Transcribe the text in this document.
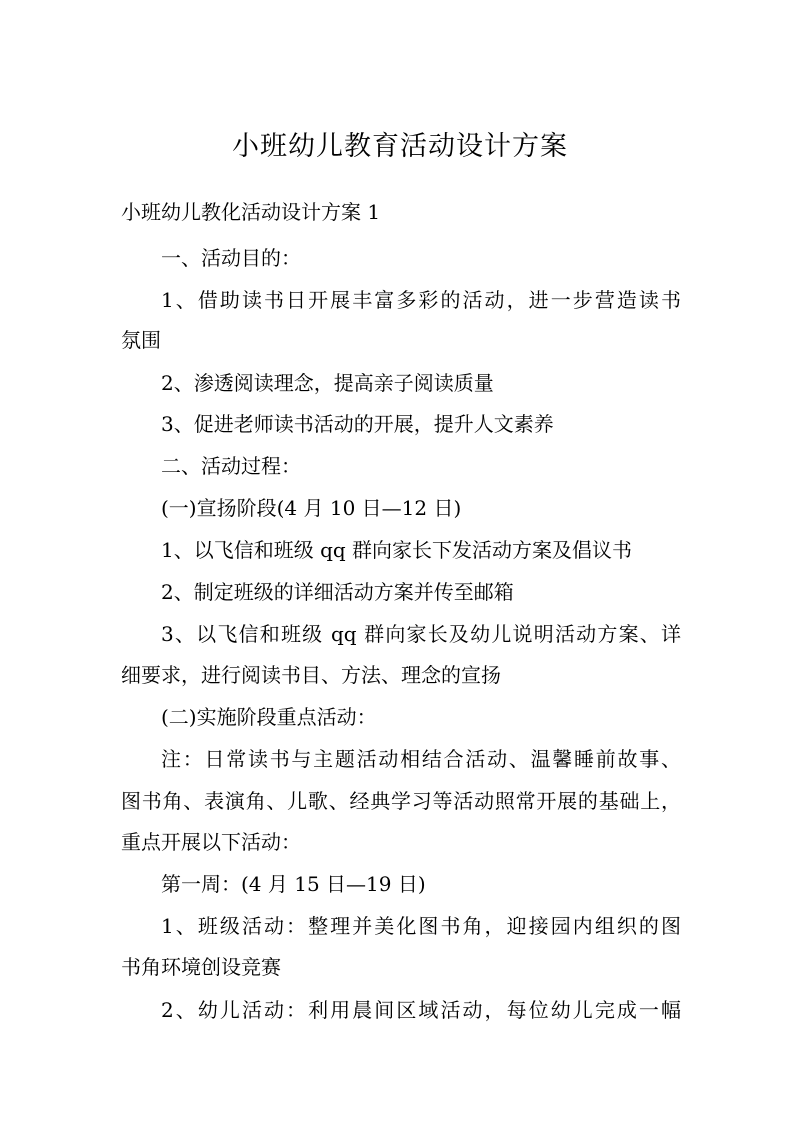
小班幼儿教育活动设计方案
小班幼儿教化活动设计方案 1
一、活动目的：
1、借助读书日开展丰富多彩的活动，进一步营造读书
氛围
2、渗透阅读理念，提高亲子阅读质量
3、促进老师读书活动的开展，提升人文素养
二、活动过程：
(一)宣扬阶段(4 月 10 日—12 日)
1、以飞信和班级 qq 群向家长下发活动方案及倡议书
2、制定班级的详细活动方案并传至邮箱
3、以飞信和班级 qq 群向家长及幼儿说明活动方案、详
细要求，进行阅读书目、方法、理念的宣扬
(二)实施阶段重点活动：
注：日常读书与主题活动相结合活动、温馨睡前故事、
图书角、表演角、儿歌、经典学习等活动照常开展的基础上，
重点开展以下活动：
第一周：(4 月 15 日—19 日)
1、班级活动：整理并美化图书角，迎接园内组织的图
书角环境创设竞赛
2、幼儿活动：利用晨间区域活动，每位幼儿完成一幅
